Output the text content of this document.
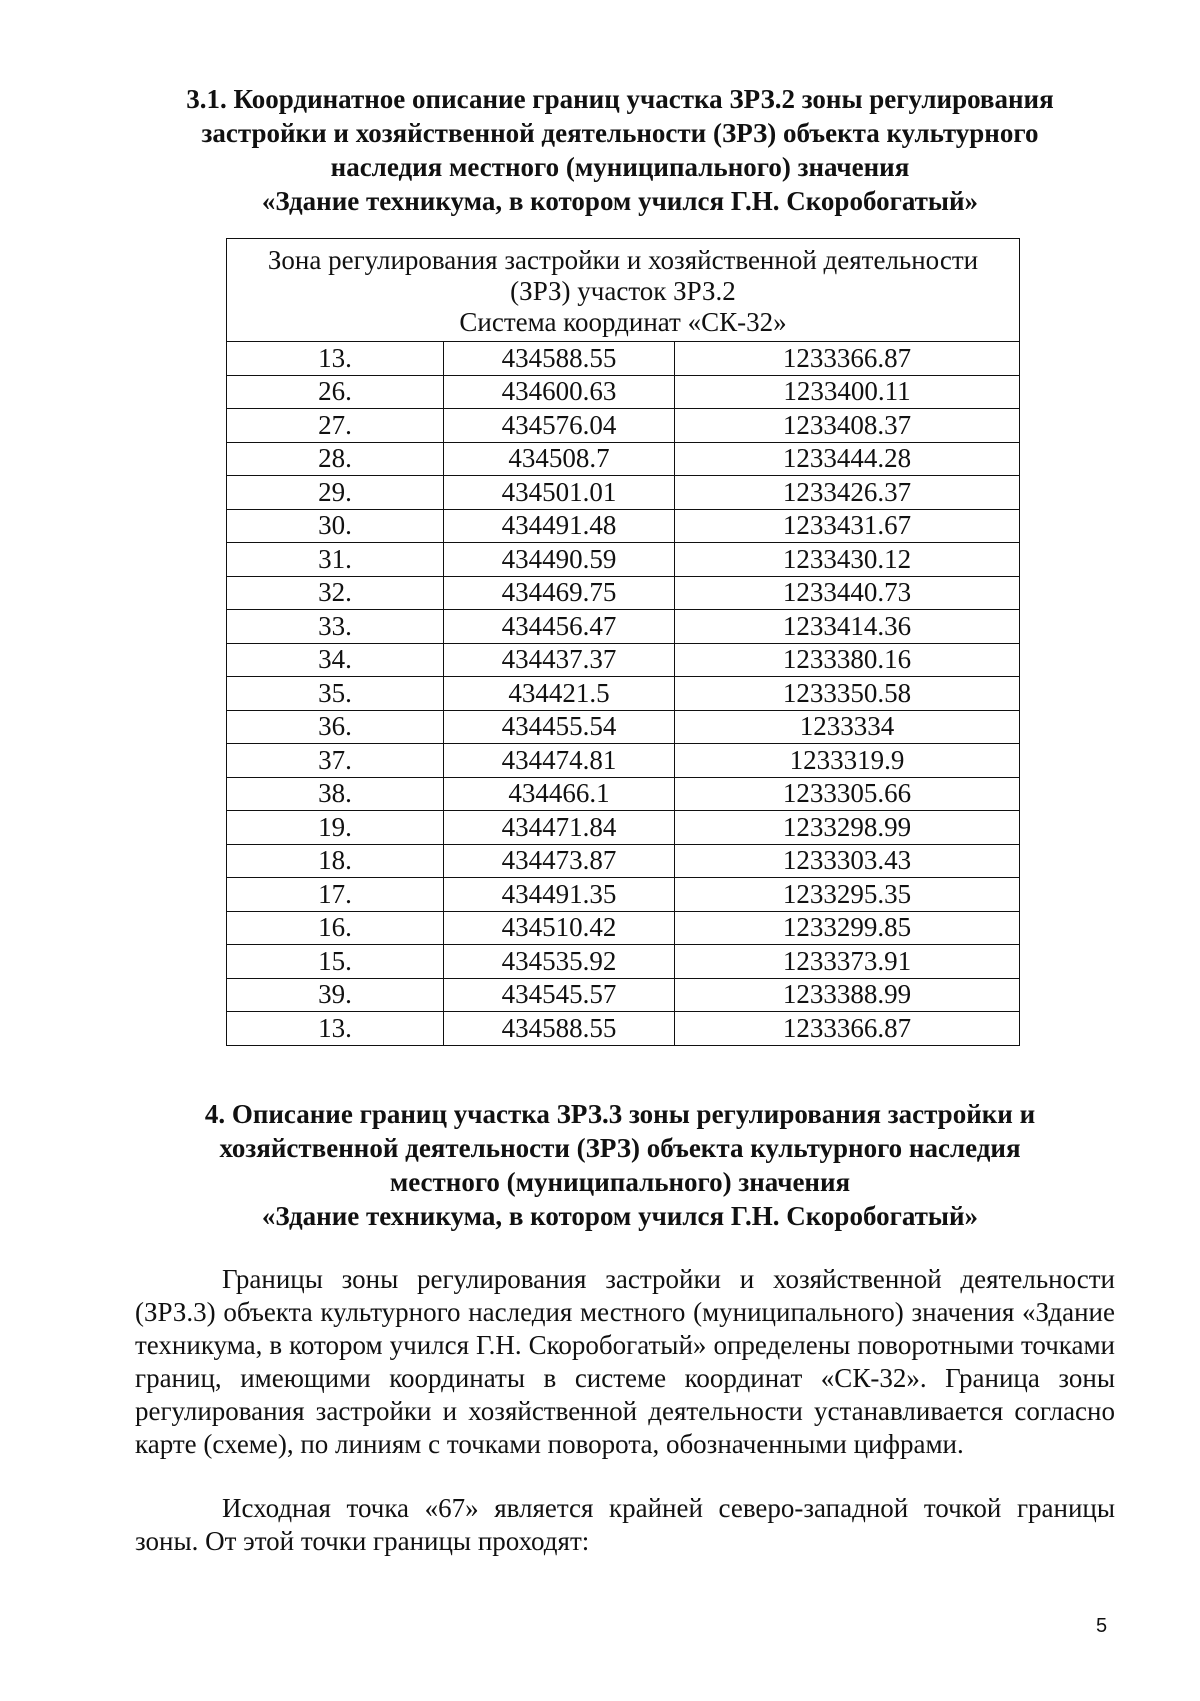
3.1. Координатное описание границ участка ЗРЗ.2 зоны регулирования
застройки и хозяйственной деятельности (ЗРЗ) объекта культурного
наследия местного (муниципального) значения
«Здание техникума, в котором учился Г.Н. Скоробогатый»
Зона регулирования застройки и хозяйственной деятельности
(ЗРЗ) участок ЗРЗ.2
Система координат «СК-32»		

13.	434588.55	1233366.87
26.	434600.63	1233400.11
27.	434576.04	1233408.37
28.	434508.7	1233444.28
29.	434501.01	1233426.37
30.	434491.48	1233431.67
31.	434490.59	1233430.12
32.	434469.75	1233440.73
33.	434456.47	1233414.36
34.	434437.37	1233380.16
35.	434421.5	1233350.58
36.	434455.54	1233334
37.	434474.81	1233319.9
38.	434466.1	1233305.66
19.	434471.84	1233298.99
18.	434473.87	1233303.43
17.	434491.35	1233295.35
16.	434510.42	1233299.85
15.	434535.92	1233373.91
39.	434545.57	1233388.99
13.	434588.55	1233366.87
4. Описание границ участка ЗРЗ.3 зоны регулирования застройки и
хозяйственной деятельности (ЗРЗ) объекта культурного наследия
местного (муниципального) значения
«Здание техникума, в котором учился Г.Н. Скоробогатый»
Границы зоны регулирования застройки и хозяйственной деятельности (ЗРЗ.3) объекта культурного наследия местного (муниципального) значения «Здание техникума, в котором учился Г.Н. Скоробогатый» определены поворотными точками границ, имеющими координаты в системе координат «СК-32». Граница зоны регулирования застройки и хозяйственной деятельности устанавливается согласно карте (схеме), по линиям с точками поворота, обозначенными цифрами.
Исходная точка «67» является крайней северо-западной точкой границы зоны. От этой точки границы проходят:
5
